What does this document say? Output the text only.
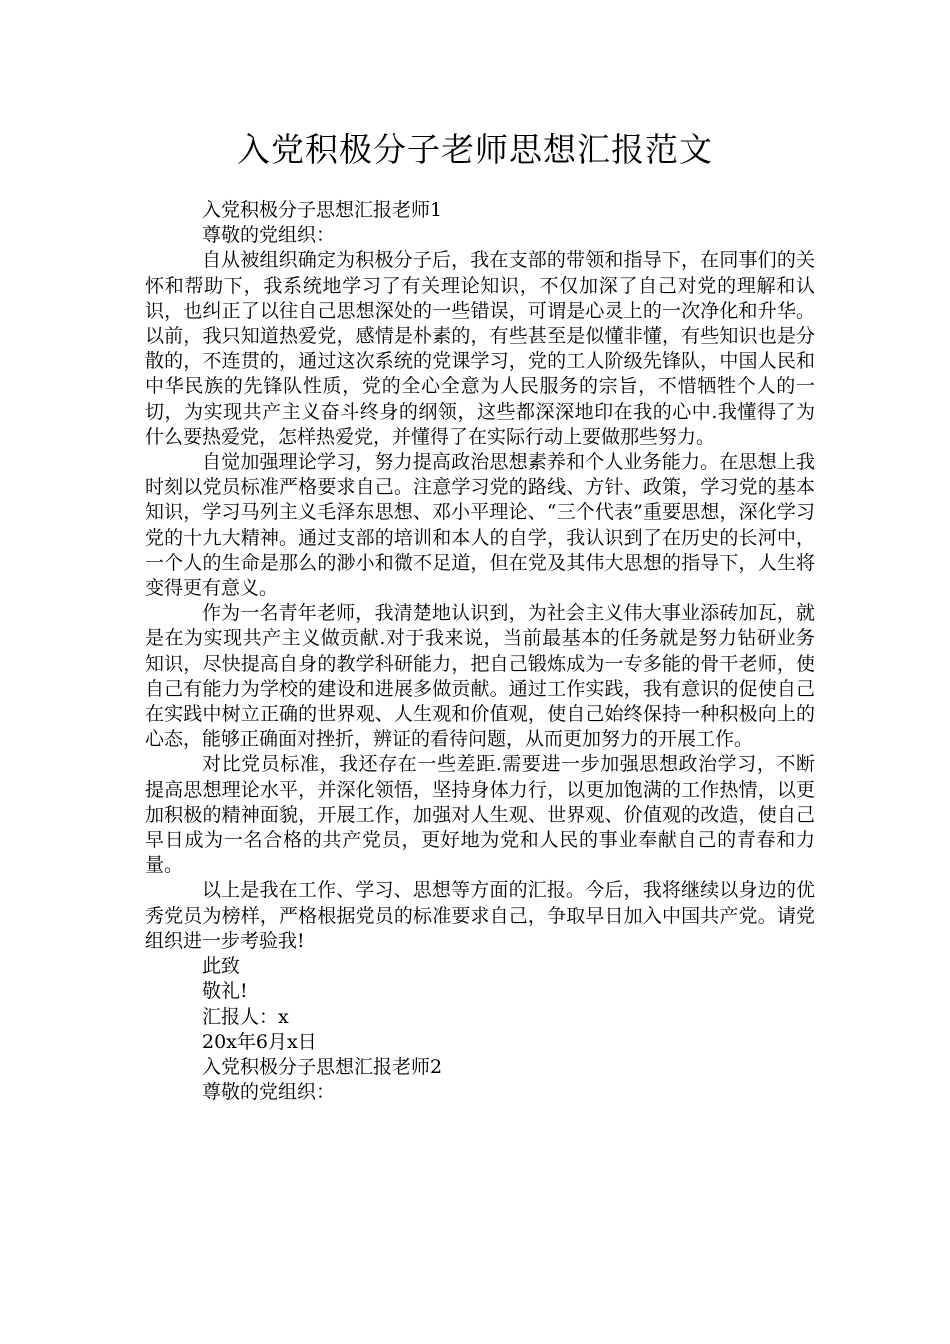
入党积极分子老师思想汇报范文

入党积极分子思想汇报老师1

尊敬的党组织：

自从被组织确定为积极分子后，我在支部的带领和指导下，在同事们的关怀和帮助下，我系统地学习了有关理论知识，不仅加深了自己对党的理解和认识，也纠正了以往自己思想深处的一些错误，可谓是心灵上的一次净化和升华。以前，我只知道热爱党，感情是朴素的，有些甚至是似懂非懂，有些知识也是分散的，不连贯的，通过这次系统的党课学习，党的工人阶级先锋队，中国人民和中华民族的先锋队性质，党的全心全意为人民服务的宗旨，不惜牺牲个人的一切，为实现共产主义奋斗终身的纲领，这些都深深地印在我的心中.我懂得了为什么要热爱党，怎样热爱党，并懂得了在实际行动上要做那些努力。

自觉加强理论学习，努力提高政治思想素养和个人业务能力。在思想上我时刻以党员标准严格要求自己。注意学习党的路线、方针、政策，学习党的基本知识，学习马列主义毛泽东思想、邓小平理论、“三个代表”重要思想，深化学习党的十九大精神。通过支部的培训和本人的自学，我认识到了在历史的长河中，一个人的生命是那么的渺小和微不足道，但在党及其伟大思想的指导下，人生将变得更有意义。

作为一名青年老师，我清楚地认识到，为社会主义伟大事业添砖加瓦，就是在为实现共产主义做贡献.对于我来说，当前最基本的任务就是努力钻研业务知识，尽快提高自身的教学科研能力，把自己锻炼成为一专多能的骨干老师，使自己有能力为学校的建设和进展多做贡献。通过工作实践，我有意识的促使自己在实践中树立正确的世界观、人生观和价值观，使自己始终保持一种积极向上的心态，能够正确面对挫折，辨证的看待问题，从而更加努力的开展工作。

对比党员标准，我还存在一些差距.需要进一步加强思想政治学习，不断提高思想理论水平，并深化领悟，坚持身体力行，以更加饱满的工作热情，以更加积极的精神面貌，开展工作，加强对人生观、世界观、价值观的改造，使自己早日成为一名合格的共产党员，更好地为党和人民的事业奉献自己的青春和力量。

以上是我在工作、学习、思想等方面的汇报。今后，我将继续以身边的优秀党员为榜样，严格根据党员的标准要求自己，争取早日加入中国共产党。请党组织进一步考验我!

此致

敬礼!

汇报人：x

20x年6月x日

入党积极分子思想汇报老师2

尊敬的党组织：
